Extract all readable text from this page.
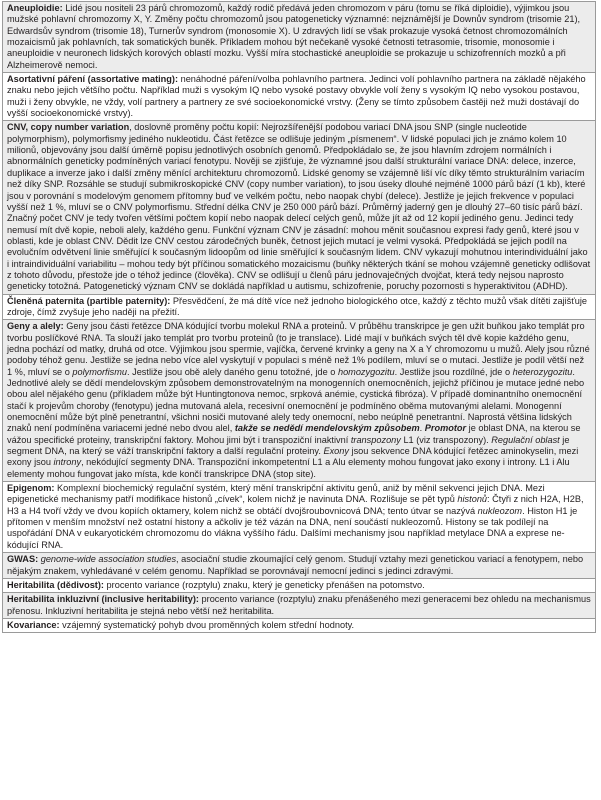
Aneuploidie: Lidé jsou nositeli 23 párů chromozomů, každý rodič předává jeden chromozom v páru (tomu se říká diploidie), výjimkou jsou mužské pohlavní chromozomy X, Y. Změny počtu chromozomů jsou patogeneticky významné: nejznámější je Downův syndrom (trisomie 21), Edwardsův syndrom (trisomie 18), Turnerův syndrom (monosomie X). U zdravých lidí se však prokazuje vysoká četnost chromozomálních mozaicismů jak pohlavních, tak somatických buněk. Příkladem mohou být nečekaně vysoké četnosti tetrasomie, trisomie, monosomie i aneuploidie v neuronech lidských korových oblastí mozku. Vyšší míra stochastické aneuploidie se prokazuje u schizofrenních mozků a při Alzheimerově nemoci.
Asortativní páření (assortative mating): nenáhodné páření/volba pohlavního partnera. Jedinci volí pohlavního partnera na základě nějakého znaku nebo jejich většího počtu. Například muži s vysokým IQ nebo vysoké postavy obvykle volí ženy s vysokým IQ nebo vysokou postavou, muži i ženy obvykle, ne vždy, volí partnery a partnery ze své socioekonomické vrstvy. (Ženy se tímto způsobem častěji než muži dostávají do vyšší socioekonomické vrstvy).
CNV, copy number variation, doslovně proměny počtu kopií: Nejrozšířenější podobou variací DNA jsou SNP (single nucleotide polymorphism), polymorfismy jediného nukleotidu. Část řetězce se odlišuje jediným „písmenem“. V lidské populaci jich je známo kolem 10 milionů, objevovány jsou další úměrně popisu jednotlivých osobních genomů. Předpokládalo se, že jsou hlavním zdrojem normálních i abnormálních geneticky podmíněných variací fenotypu. Nověji se zjišťuje, že významné jsou další strukturální variace DNA: delece, inzerce, duplikace a inverze jako i další změny měnící architekturu chromozomů. Lidské genomy se vzájemně liší víc díky těmto strukturálním variacím než díky SNP. Rozsáhle se studují submikroskopické CNV (copy number variation), to jsou úseky dlouhé nejméně 1000 párů bází (1 kb), které jsou v porovnání s modelovým genomem přítomny buď ve velkém počtu, nebo naopak chybí (delece). Jestliže je jejich frekvence v populaci vyšší než 1 %, mluví se o CNV polymorfismu. Střední délka CNV je 250 000 párů bází. Průměrný jaderný gen je dlouhý 27–60 tisíc párů bází. Značný počet CNV je tedy tvořen většími počtem kopií nebo naopak delecí celých genů, může jít až od 12 kopií jediného genu. Jedinci tedy nemusí mít dvě kopie, neboli alely, každého genu. Funkční význam CNV je zásadní: mohou měnit současnou expresi řady genů, které jsou v oblasti, kde je oblast CNV. Dědit lze CNV cestou zárodečných buněk, četnost jejich mutací je velmi vysoká. Předpokládá se jejich podíl na evolučním odvětvení linie směřující k současným lidoopům od linie směřující k současným lidem. CNV vykazují mohutnou interindividuální jako i intraindividuální variabilitu – mohou tedy být příčinou somatického mozaicismu (buňky některých tkání se mohou vzájemně geneticky odlišovat z tohoto důvodu, přestože jde o téhož jedince (člověka). CNV se odlišují u členů páru jednovaječných dvojčat, která tedy nejsou naprosto geneticky totožná. Patogenetický význam CNV se dokládá například u autismu, schizofrenie, poruchy pozornosti s hyperaktivitou (ADHD).
Členěná paternita (partible paternity): Přesvědčení, že má dítě více než jednoho biologického otce, každý z těchto mužů však dítěti zajišťuje zdroje, čímž zvyšuje jeho naději na přežití.
Geny a alely: Geny jsou části řetězce DNA kódující tvorbu molekul RNA a proteinů. V průběhu transkripce je gen užit buňkou jako templát pro tvorbu poslíčkové RNA. Ta slouží jako templát pro tvorbu proteinů (to je translace). Lidé mají v buňkách svých těl dvě kopie každého genu, jedna pochází od matky, druhá od otce. Výjimkou jsou spermie, vajíčka, červené krvinky a geny na X a Y chromozomu u mužů. Alely jsou různé podoby téhož genu. Jestliže se jedna nebo více alel vyskytují v populaci s méně než 1% podílem, mluví se o mutaci. Jestliže je podíl větší než 1 %, mluví se o polymorfismu. Jestliže jsou obě alely daného genu totožné, jde o homozygozitu. Jestliže jsou rozdílné, jde o heterozygozitu. Jednotlivé alely se dědí mendelovským způsobem demonstrovatelným na monogenních onemocněních, jejichž příčinou je mutace jedné nebo obou alel nějakého genu (příkladem může být Huntingtonova nemoc, srpková anémie, cystická fibróza). V případě dominantního onemocnění stačí k projevům choroby (fenotypu) jedna mutovaná alela, recesivní onemocnění je podmíněno oběma mutovanými alelami. Monogenní onemocnění může být plně penetrantní, všichni nosiči mutované alely tedy onemocní, nebo neúplně penetrantní. Naprostá většina lidských znaků není podmíněna variacemi jedné nebo dvou alel, takže se nedědí mendelovským způsobem. Promotor je oblast DNA, na kterou se vážou specifické proteiny, transkripční faktory. Mohou jimi být i transpoziční inaktivní transpozony L1 (viz transpozony). Regulační oblast je segment DNA, na který se váží transkripční faktory a další regulační proteiny. Exony jsou sekvence DNA kódující řetězec aminokyselin, mezi exony jsou introny, nekódující segmenty DNA. Transpoziční inkompetentní L1 a Alu elementy mohou fungovat jako exony i introny. L1 i Alu elementy mohou fungovat jako místa, kde končí transkripce DNA (stop site).
Epigenom: Komplexní biochemický regulační systém, který mění transkripční aktivitu genů, aniž by měnil sekvenci jejich DNA. Mezi epigenetické mechanismy patří modifikace histonů „cívek“, kolem nichž je navinuta DNA. Rozlišuje se pět typů histonů: Čtyři z nich H2A, H2B, H3 a H4 tvoří vždy ve dvou kopiích oktamery, kolem nichž se obtáčí dvojšroubovnicová DNA; tento útvar se nazývá nukleozom. Histon H1 je přítomen v menším množství než ostatní histony a ačkoliv je též vázán na DNA, není součástí nukleozomů. Histony se tak podílejí na uspořádání DNA v eukaryotickém chromozomu do vlákna vyššího řádu. Dalšími mechanismy jsou například metylace DNA a exprese ne-kódující RNA.
GWAS: genome-wide association studies, asociační studie zkoumající celý genom. Studují vztahy mezi genetickou variací a fenotypem, nebo nějakým znakem, vyhledávané v celém genomu. Například se porovnávají nemocní jedinci s jedinci zdravými.
Heritabilita (dědivost): procento variance (rozptylu) znaku, který je geneticky přenášen na potomstvo.
Heritabilita inkluzivní (inclusive heritability): procento variance (rozptylu) znaku přenášeného mezi generacemi bez ohledu na mechanismus přenosu. Inkluzivní heritabilita je stejná nebo větší než heritabilita.
Kovariance: vzájemný systematický pohyb dvou proměnných kolem střední hodnoty.
